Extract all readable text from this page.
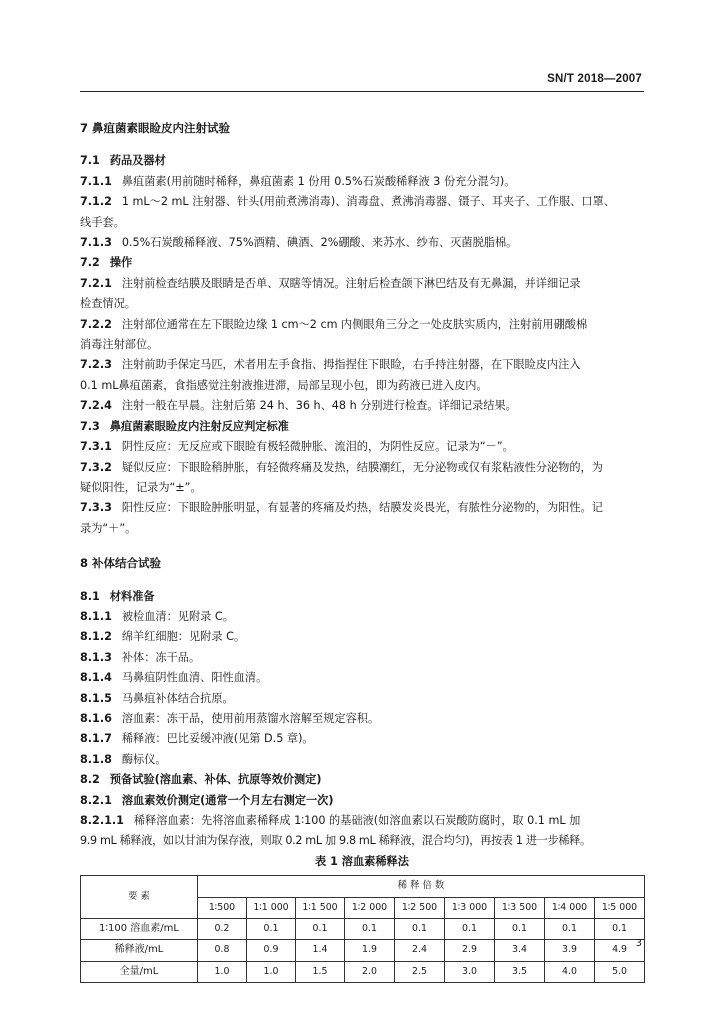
SN/T 2018—2007

7 鼻疽菌素眼睑皮内注射试验

7.1 药品及器材

7.1.1 鼻疽菌素(用前随时稀释，鼻疽菌素 1 份用 0.5%石炭酸稀释液 3 份充分混匀)。

7.1.2 1 mL～2 mL 注射器、针头(用前煮沸消毒)、消毒盘、煮沸消毒器、镊子、耳夹子、工作服、口罩、

线手套。

7.1.3 0.5%石炭酸稀释液、75%酒精、碘酒、2%硼酸、来苏水、纱布、灭菌脱脂棉。

7.2 操作

7.2.1 注射前检查结膜及眼睛是否单、双瞎等情况。注射后检查颌下淋巴结及有无鼻漏，并详细记录

检查情况。

7.2.2 注射部位通常在左下眼睑边缘 1 cm～2 cm 内侧眼角三分之一处皮肤实质内，注射前用硼酸棉

消毒注射部位。

7.2.3 注射前助手保定马匹，术者用左手食指、拇指捏住下眼睑，右手持注射器，在下眼睑皮内注入

0.1 mL鼻疽菌素，食指感觉注射液推进滞，局部呈现小包，即为药液已进入皮内。

7.2.4 注射一般在早晨。注射后第 24 h、36 h、48 h 分别进行检查。详细记录结果。

7.3 鼻疽菌素眼睑皮内注射反应判定标准

7.3.1 阴性反应：无反应或下眼睑有极轻微肿胀、流泪的，为阴性反应。记录为“－”。

7.3.2 疑似反应：下眼睑稍肿胀，有轻微疼痛及发热，结膜潮红，无分泌物或仅有浆粘液性分泌物的，为

疑似阳性，记录为“±”。

7.3.3 阳性反应：下眼睑肿胀明显，有显著的疼痛及灼热，结膜发炎畏光，有脓性分泌物的，为阳性。记

录为“＋”。

8 补体结合试验

8.1 材料准备

8.1.1 被检血清：见附录 C。

8.1.2 绵羊红细胞：见附录 C。

8.1.3 补体：冻干品。

8.1.4 马鼻疽阴性血清、阳性血清。

8.1.5 马鼻疽补体结合抗原。

8.1.6 溶血素：冻干品，使用前用蒸馏水溶解至规定容积。

8.1.7 稀释液：巴比妥缓冲液(见第 D.5 章)。

8.1.8 酶标仪。

8.2 预备试验(溶血素、补体、抗原等效价测定)

8.2.1 溶血素效价测定(通常一个月左右测定一次)

8.2.1.1 稀释溶血素：先将溶血素稀释成 1∶100 的基础液(如溶血素以石炭酸防腐时，取 0.1 mL 加

9.9 mL 稀释液，如以甘油为保存液，则取 0.2 mL 加 9.8 mL 稀释液，混合均匀)，再按表 1 进一步稀释。

表 1 溶血素稀释法

要 素	稀 释 倍 数								
	1∶500	1∶1 000	1∶1 500	1∶2 000	1∶2 500	1∶3 000	1∶3 500	1∶4 000	1∶5 000
1∶100 溶血素/mL	0.2	0.1	0.1	0.1	0.1	0.1	0.1	0.1	0.1
稀释液/mL	0.8	0.9	1.4	1.9	2.4	2.9	3.4	3.9	4.9
全量/mL	1.0	1.0	1.5	2.0	2.5	3.0	3.5	4.0	5.0
3
